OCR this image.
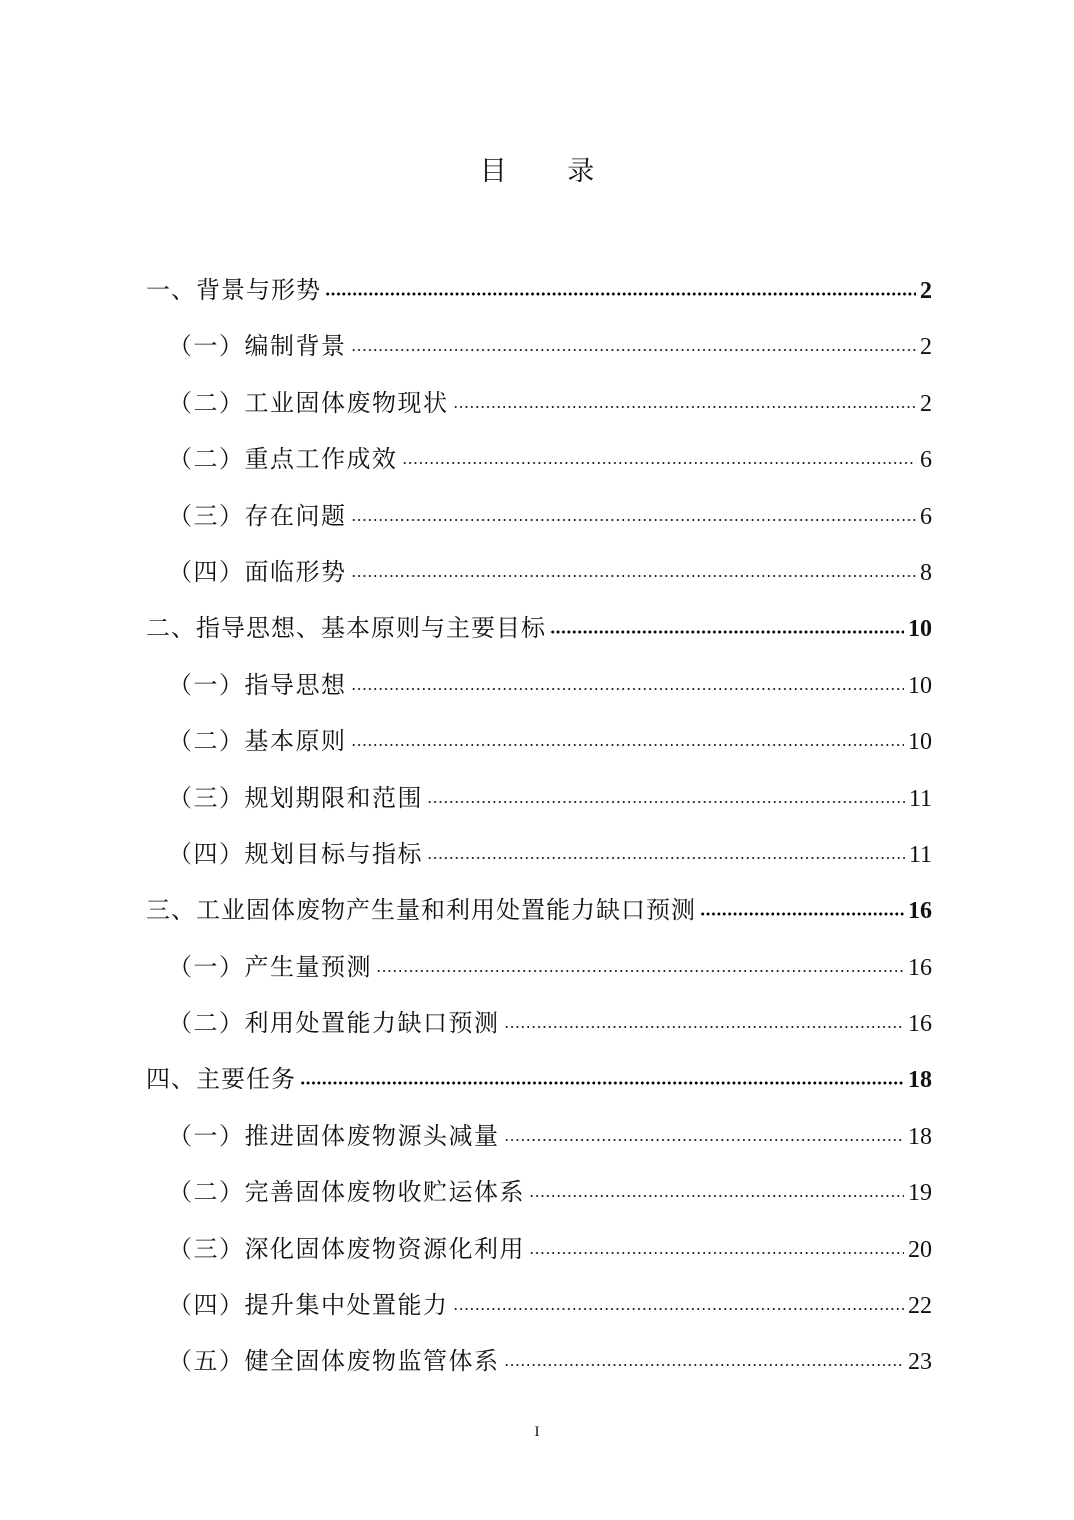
目 录
一、背景与形势	2
（一）编制背景	2
（二）工业固体废物现状	2
（二）重点工作成效	6
（三）存在问题	6
（四）面临形势	8
二、指导思想、基本原则与主要目标	10
（一）指导思想	10
（二）基本原则	10
（三）规划期限和范围	11
（四）规划目标与指标	11
三、工业固体废物产生量和利用处置能力缺口预测	16
（一）产生量预测	16
（二）利用处置能力缺口预测	16
四、主要任务	18
（一）推进固体废物源头减量	18
（二）完善固体废物收贮运体系	19
（三）深化固体废物资源化利用	20
（四）提升集中处置能力	22
（五）健全固体废物监管体系	23
I
